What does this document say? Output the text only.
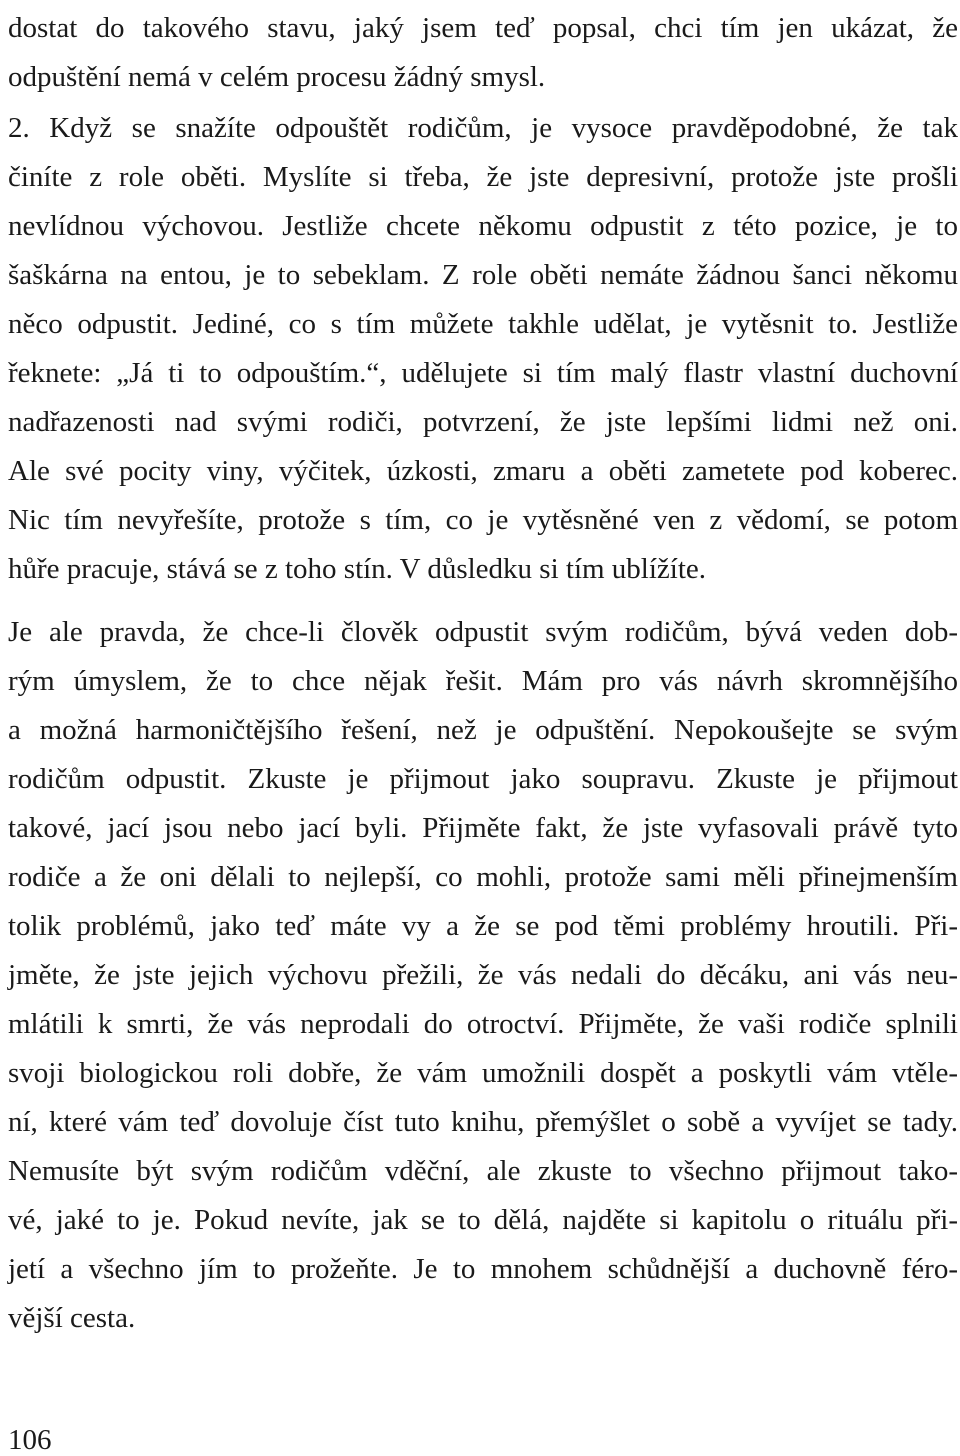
dostat do takového stavu, jaký jsem teď popsal, chci tím jen ukázat, že
odpuštění nemá v celém procesu žádný smysl.
2. Když se snažíte odpouštět rodičům, je vysoce pravděpodobné, že tak
činíte z role oběti. Myslíte si třeba, že jste depresivní, protože jste prošli
nevlídnou výchovou. Jestliže chcete někomu odpustit z této pozice, je to
šaškárna na entou, je to sebeklam. Z role oběti nemáte žádnou šanci někomu
něco odpustit. Jediné, co s tím můžete takhle udělat, je vytěsnit to. Jestliže
řeknete: „Já ti to odpouštím.“, udělujete si tím malý flastr vlastní duchovní
nadřazenosti nad svými rodiči, potvrzení, že jste lepšími lidmi než oni.
Ale své pocity viny, výčitek, úzkosti, zmaru a oběti zametete pod koberec.
Nic tím nevyřešíte, protože s tím, co je vytěsněné ven z vědomí, se potom
hůře pracuje, stává se z toho stín. V důsledku si tím ublížíte.
Je ale pravda, že chce-li člověk odpustit svým rodičům, bývá veden dob-
rým úmyslem, že to chce nějak řešit. Mám pro vás návrh skromnějšího
a možná harmoničtějšího řešení, než je odpuštění. Nepokoušejte se svým
rodičům odpustit. Zkuste je přijmout jako soupravu. Zkuste je přijmout
takové, jací jsou nebo jací byli. Přijměte fakt, že jste vyfasovali právě tyto
rodiče a že oni dělali to nejlepší, co mohli, protože sami měli přinejmenším
tolik problémů, jako teď máte vy a že se pod těmi problémy hroutili. Při-
jměte, že jste jejich výchovu přežili, že vás nedali do děcáku, ani vás neu-
mlátili k smrti, že vás neprodali do otroctví. Přijměte, že vaši rodiče splnili
svoji biologickou roli dobře, že vám umožnili dospět a poskytli vám vtěle-
ní, které vám teď dovoluje číst tuto knihu, přemýšlet o sobě a vyvíjet se tady.
Nemusíte být svým rodičům vděční, ale zkuste to všechno přijmout tako-
vé, jaké to je. Pokud nevíte, jak se to dělá, najděte si kapitolu o rituálu při-
jetí a všechno jím to prožeňte. Je to mnohem schůdnější a duchovně féro-
vější cesta.
106
